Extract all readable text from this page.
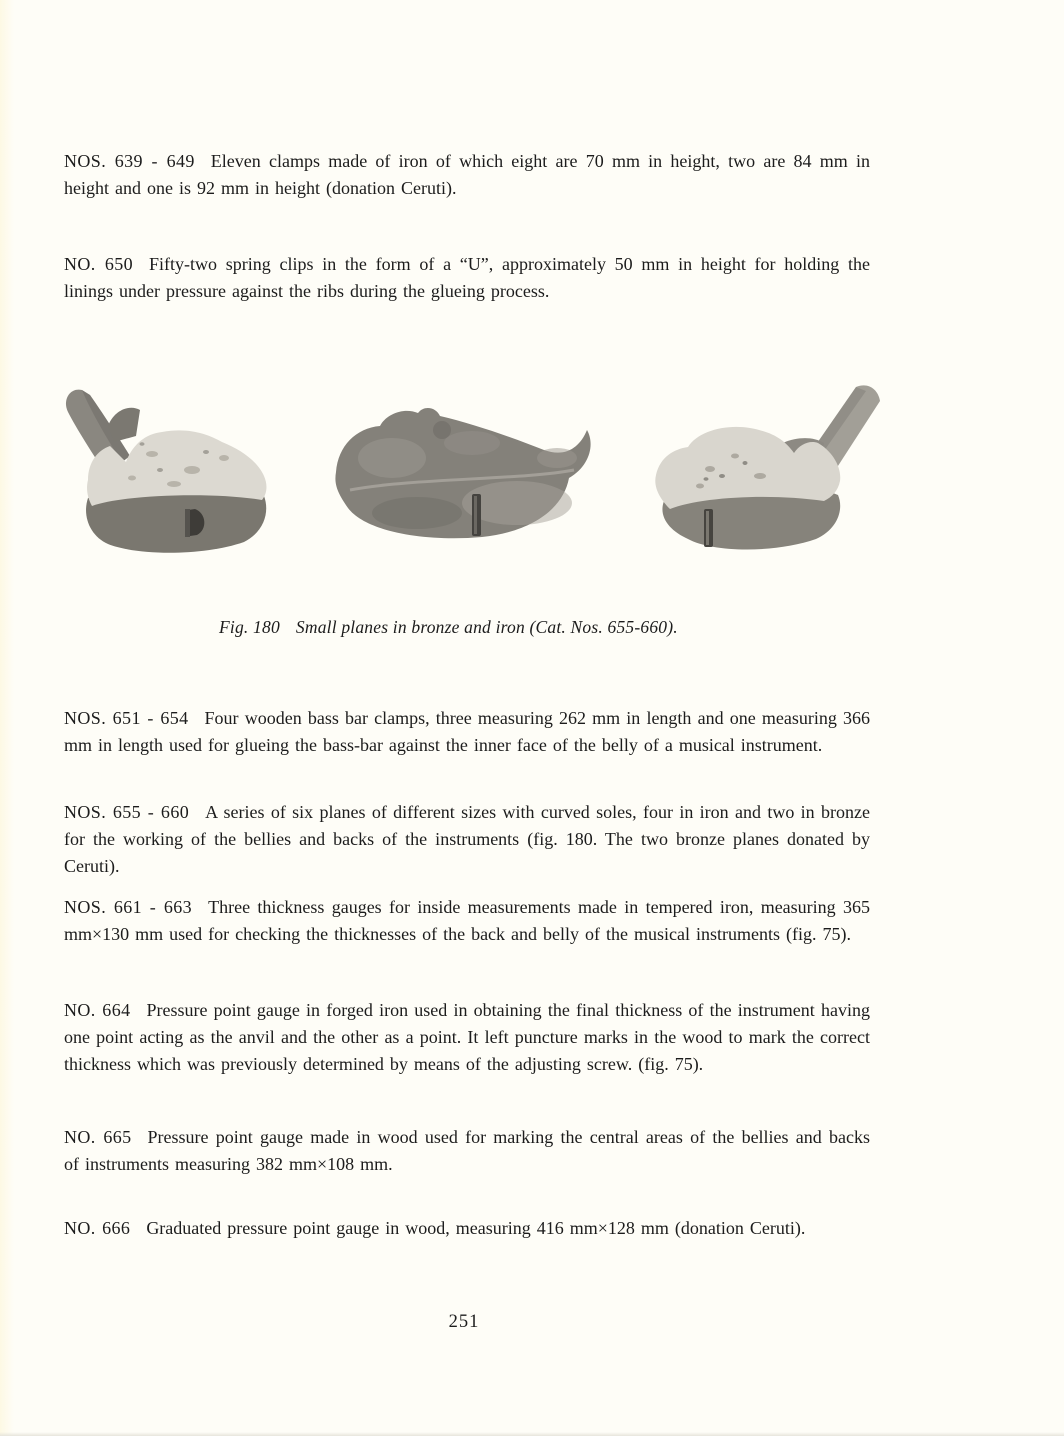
NOS. 639 - 649 Eleven clamps made of iron of which eight are 70 mm in height, two are 84 mm in height and one is 92 mm in height (donation Ceruti).

NO. 650 Fifty-two spring clips in the form of a “U”, approximately 50 mm in height for holding the linings under pressure against the ribs during the glueing process.

Fig. 180 Small planes in bronze and iron (Cat. Nos. 655-660).

NOS. 651 - 654 Four wooden bass bar clamps, three measuring 262 mm in length and one measuring 366 mm in length used for glueing the bass-bar against the inner face of the belly of a musical instrument.

NOS. 655 - 660 A series of six planes of different sizes with curved soles, four in iron and two in bronze for the working of the bellies and backs of the instruments (fig. 180. The two bronze planes donated by Ceruti).

NOS. 661 - 663 Three thickness gauges for inside measurements made in tempered iron, measuring 365 mm×130 mm used for checking the thicknesses of the back and belly of the musical instruments (fig. 75).

NO. 664 Pressure point gauge in forged iron used in obtaining the final thickness of the instrument having one point acting as the anvil and the other as a point. It left puncture marks in the wood to mark the correct thickness which was previously determined by means of the adjusting screw. (fig. 75).

NO. 665 Pressure point gauge made in wood used for marking the central areas of the bellies and backs of instruments measuring 382 mm×108 mm.

NO. 666 Graduated pressure point gauge in wood, measuring 416 mm×128 mm (donation Ceruti).

251
